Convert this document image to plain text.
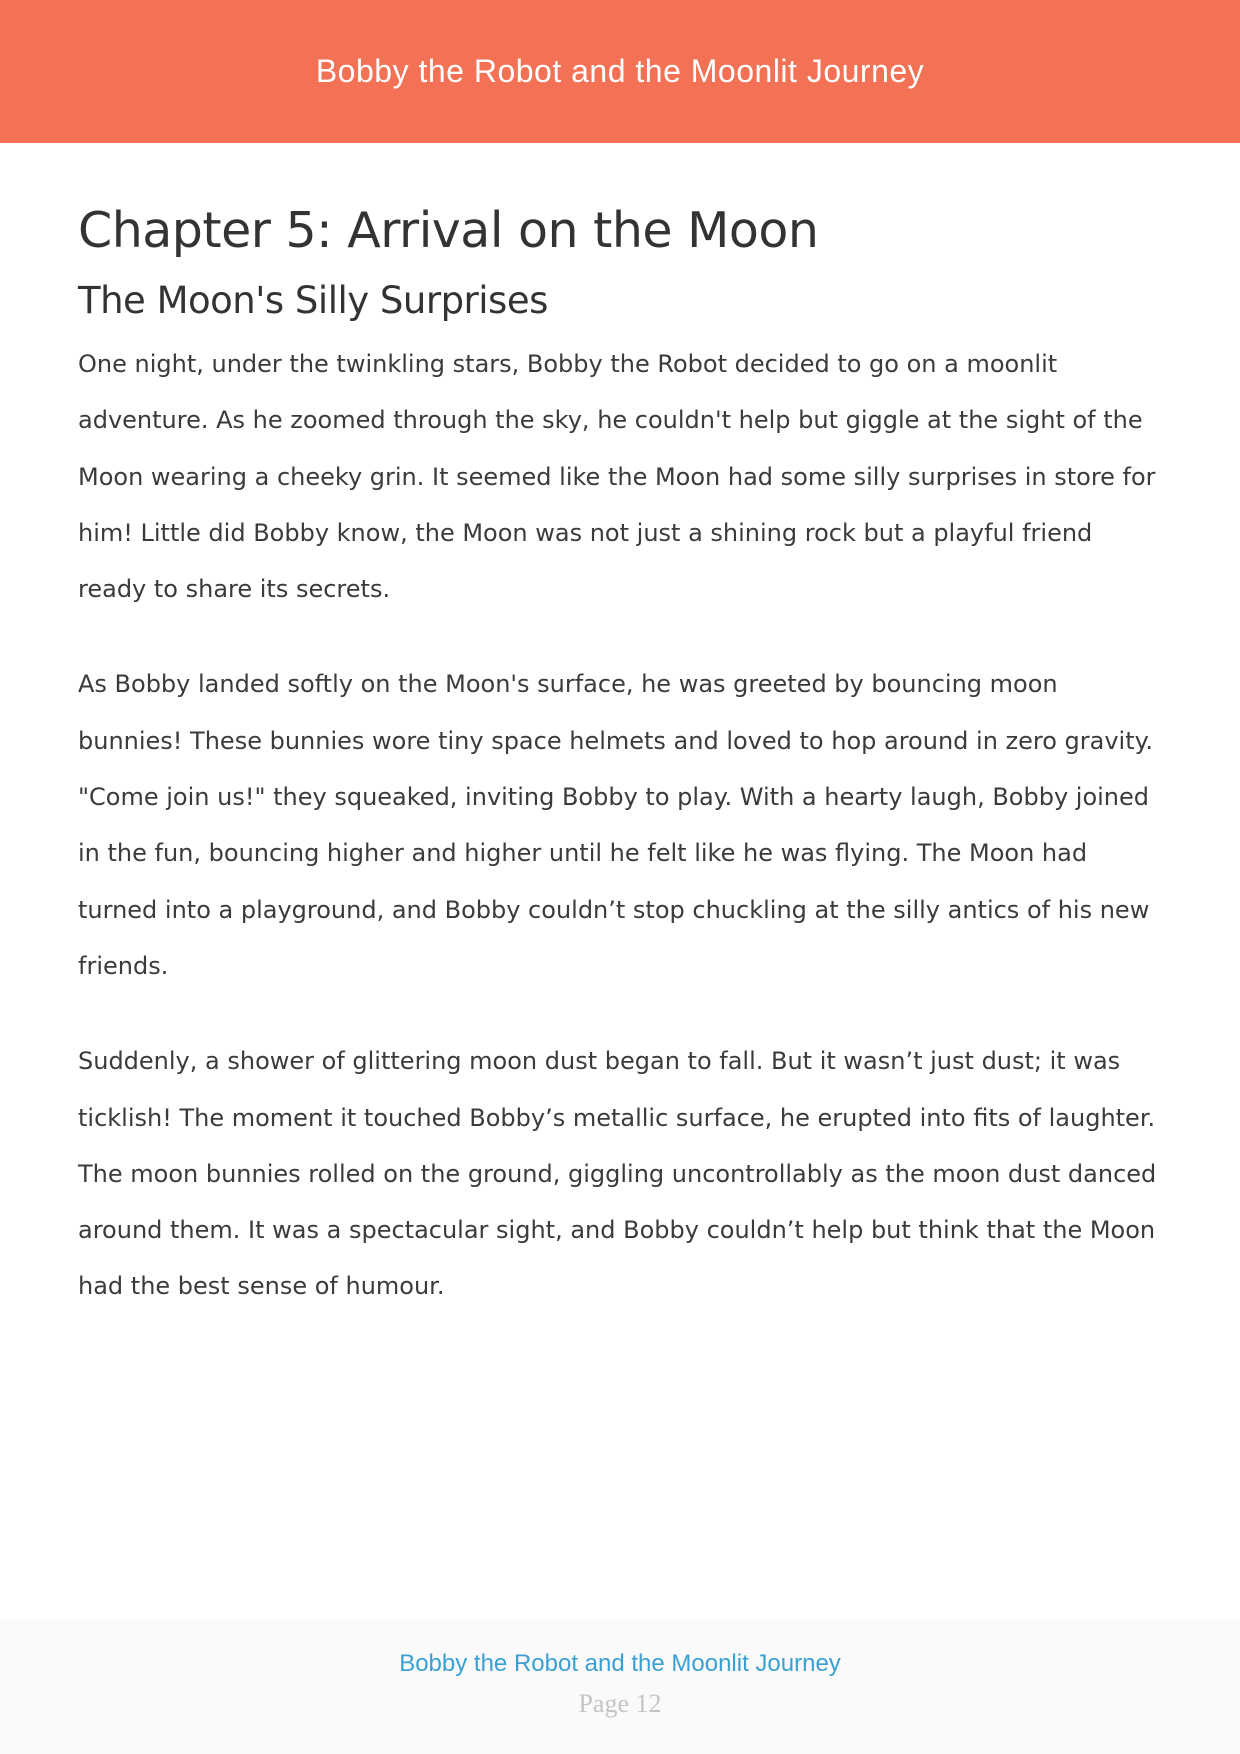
Bobby the Robot and the Moonlit Journey
Chapter 5: Arrival on the Moon
The Moon's Silly Surprises

One night, under the twinkling stars, Bobby the Robot decided to go on a moonlit adventure. As he zoomed through the sky, he couldn't help but giggle at the sight of the Moon wearing a cheeky grin. It seemed like the Moon had some silly surprises in store for him! Little did Bobby know, the Moon was not just a shining rock but a playful friend ready to share its secrets.

As Bobby landed softly on the Moon's surface, he was greeted by bouncing moon bunnies! These bunnies wore tiny space helmets and loved to hop around in zero gravity. "Come join us!" they squeaked, inviting Bobby to play. With a hearty laugh, Bobby joined in the fun, bouncing higher and higher until he felt like he was flying. The Moon had turned into a playground, and Bobby couldn’t stop chuckling at the silly antics of his new friends.

Suddenly, a shower of glittering moon dust began to fall. But it wasn’t just dust; it was ticklish! The moment it touched Bobby’s metallic surface, he erupted into fits of laughter. The moon bunnies rolled on the ground, giggling uncontrollably as the moon dust danced around them. It was a spectacular sight, and Bobby couldn’t help but think that the Moon had the best sense of humour.

Bobby the Robot and the Moonlit Journey
Page 12
